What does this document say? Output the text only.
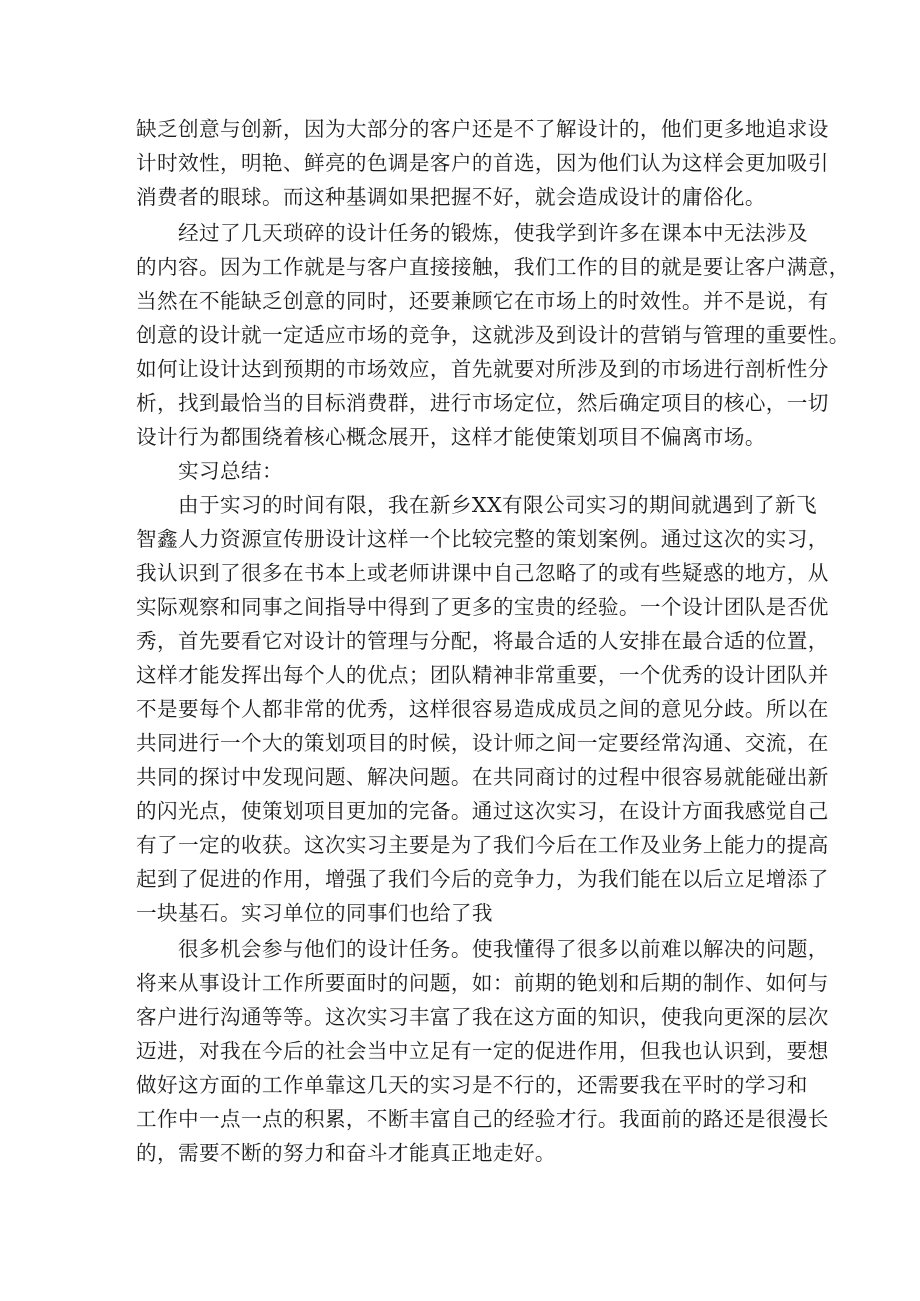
缺乏创意与创新，因为大部分的客户还是不了解设计的，他们更多地追求设
计时效性，明艳、鲜亮的色调是客户的首选，因为他们认为这样会更加吸引
消费者的眼球。而这种基调如果把握不好，就会造成设计的庸俗化。
经过了几天琐碎的设计任务的锻炼，使我学到许多在课本中无法涉及
的内容。因为工作就是与客户直接接触，我们工作的目的就是要让客户满意，
当然在不能缺乏创意的同时，还要兼顾它在市场上的时效性。并不是说，有
创意的设计就一定适应市场的竞争，这就涉及到设计的营销与管理的重要性。
如何让设计达到预期的市场效应，首先就要对所涉及到的市场进行剖析性分
析，找到最恰当的目标消费群，进行市场定位，然后确定项目的核心，一切
设计行为都围绕着核心概念展开，这样才能使策划项目不偏离市场。
实习总结：
由于实习的时间有限，我在新乡XX有限公司实习的期间就遇到了新飞
智鑫人力资源宣传册设计这样一个比较完整的策划案例。通过这次的实习，
我认识到了很多在书本上或老师讲课中自己忽略了的或有些疑惑的地方，从
实际观察和同事之间指导中得到了更多的宝贵的经验。一个设计团队是否优
秀，首先要看它对设计的管理与分配，将最合适的人安排在最合适的位置，
这样才能发挥出每个人的优点；团队精神非常重要，一个优秀的设计团队并
不是要每个人都非常的优秀，这样很容易造成成员之间的意见分歧。所以在
共同进行一个大的策划项目的时候，设计师之间一定要经常沟通、交流，在
共同的探讨中发现问题、解决问题。在共同商讨的过程中很容易就能碰出新
的闪光点，使策划项目更加的完备。通过这次实习，在设计方面我感觉自己
有了一定的收获。这次实习主要是为了我们今后在工作及业务上能力的提高
起到了促进的作用，增强了我们今后的竞争力，为我们能在以后立足增添了
一块基石。实习单位的同事们也给了我
很多机会参与他们的设计任务。使我懂得了很多以前难以解决的问题，
将来从事设计工作所要面时的问题，如：前期的铯划和后期的制作、如何与
客户进行沟通等等。这次实习丰富了我在这方面的知识，使我向更深的层次
迈进，对我在今后的社会当中立足有一定的促进作用，但我也认识到，要想
做好这方面的工作单靠这几天的实习是不行的，还需要我在平时的学习和
工作中一点一点的积累，不断丰富自己的经验才行。我面前的路还是很漫长
的，需要不断的努力和奋斗才能真正地走好。
